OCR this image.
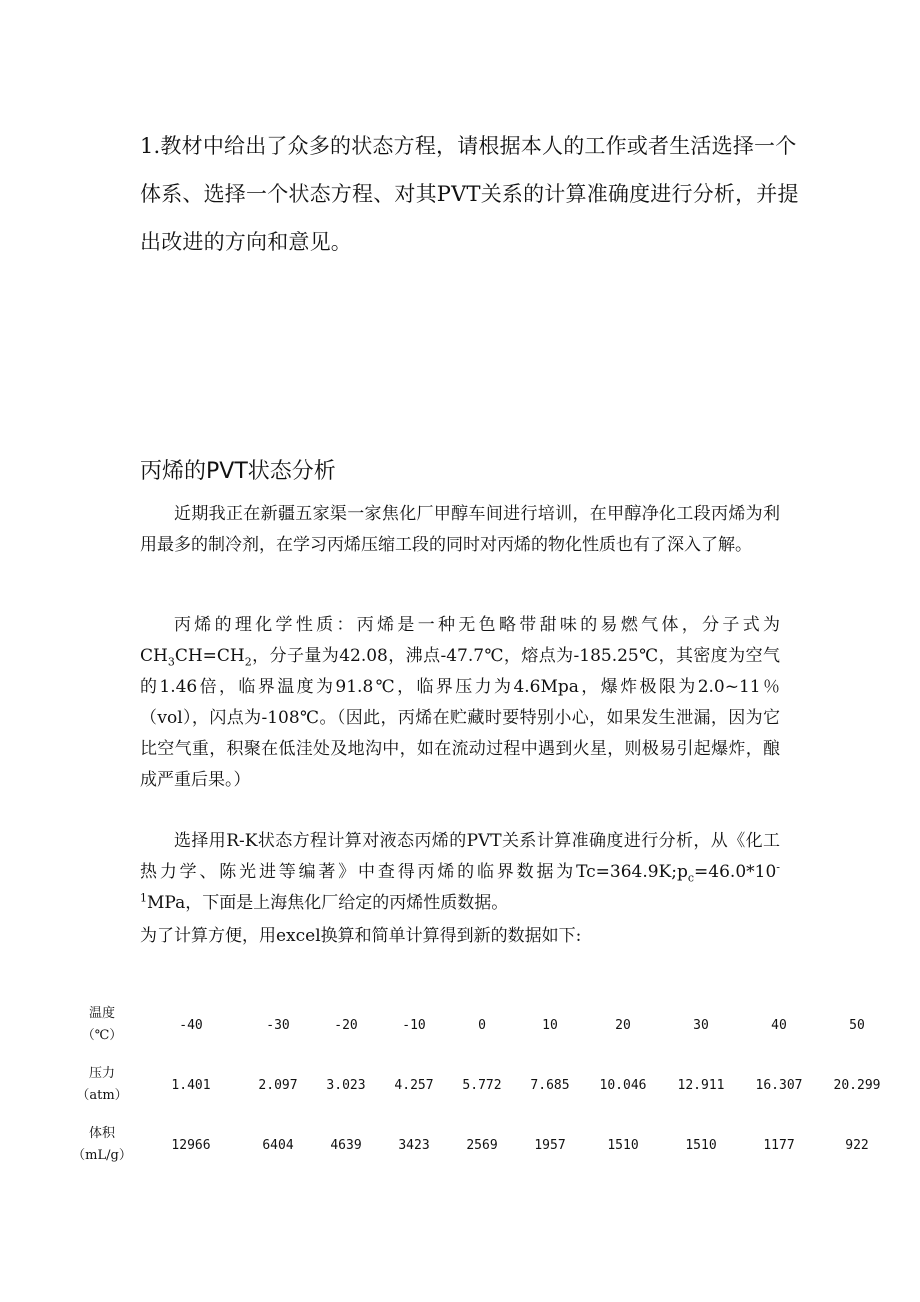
1.教材中给出了众多的状态方程，请根据本人的工作或者生活选择一个体系、选择一个状态方程、对其PVT关系的计算准确度进行分析，并提出改进的方向和意见。

丙烯的PVT状态分析

近期我正在新疆五家渠一家焦化厂甲醇车间进行培训，在甲醇净化工段丙烯为利用最多的制冷剂，在学习丙烯压缩工段的同时对丙烯的物化性质也有了深入了解。

丙烯的理化学性质：丙烯是一种无色略带甜味的易燃气体，分子式为$CH_3CH=CH_2$，分子量为42.08，沸点-47.7℃，熔点为-185.25℃，其密度为空气的1.46倍，临界温度为91.8℃，临界压力为4.6Mpa，爆炸极限为2.0~11％（vol），闪点为-108℃。（因此，丙烯在贮藏时要特别小心，如果发生泄漏，因为它比空气重，积聚在低洼处及地沟中，如在流动过程中遇到火星，则极易引起爆炸，酿成严重后果。）

选择用R-K状态方程计算对液态丙烯的PVT关系计算准确度进行分析，从《化工热力学、陈光进等编著》中查得丙烯的临界数据为$Tc=364.9K;p_c=46.0*10^{-1}MPa$，下面是上海焦化厂给定的丙烯性质数据。

为了计算方便，用excel换算和简单计算得到新的数据如下:

温度
（℃）	-40	-30	-20	-10	0	10	20	30	40	50

压力
（atm）	1.401	2.097	3.023	4.257	5.772	7.685	10.046	12.911	16.307	20.299

体积
（mL/g）	12966	6404	4639	3423	2569	1957	1510	1510	1177	922
